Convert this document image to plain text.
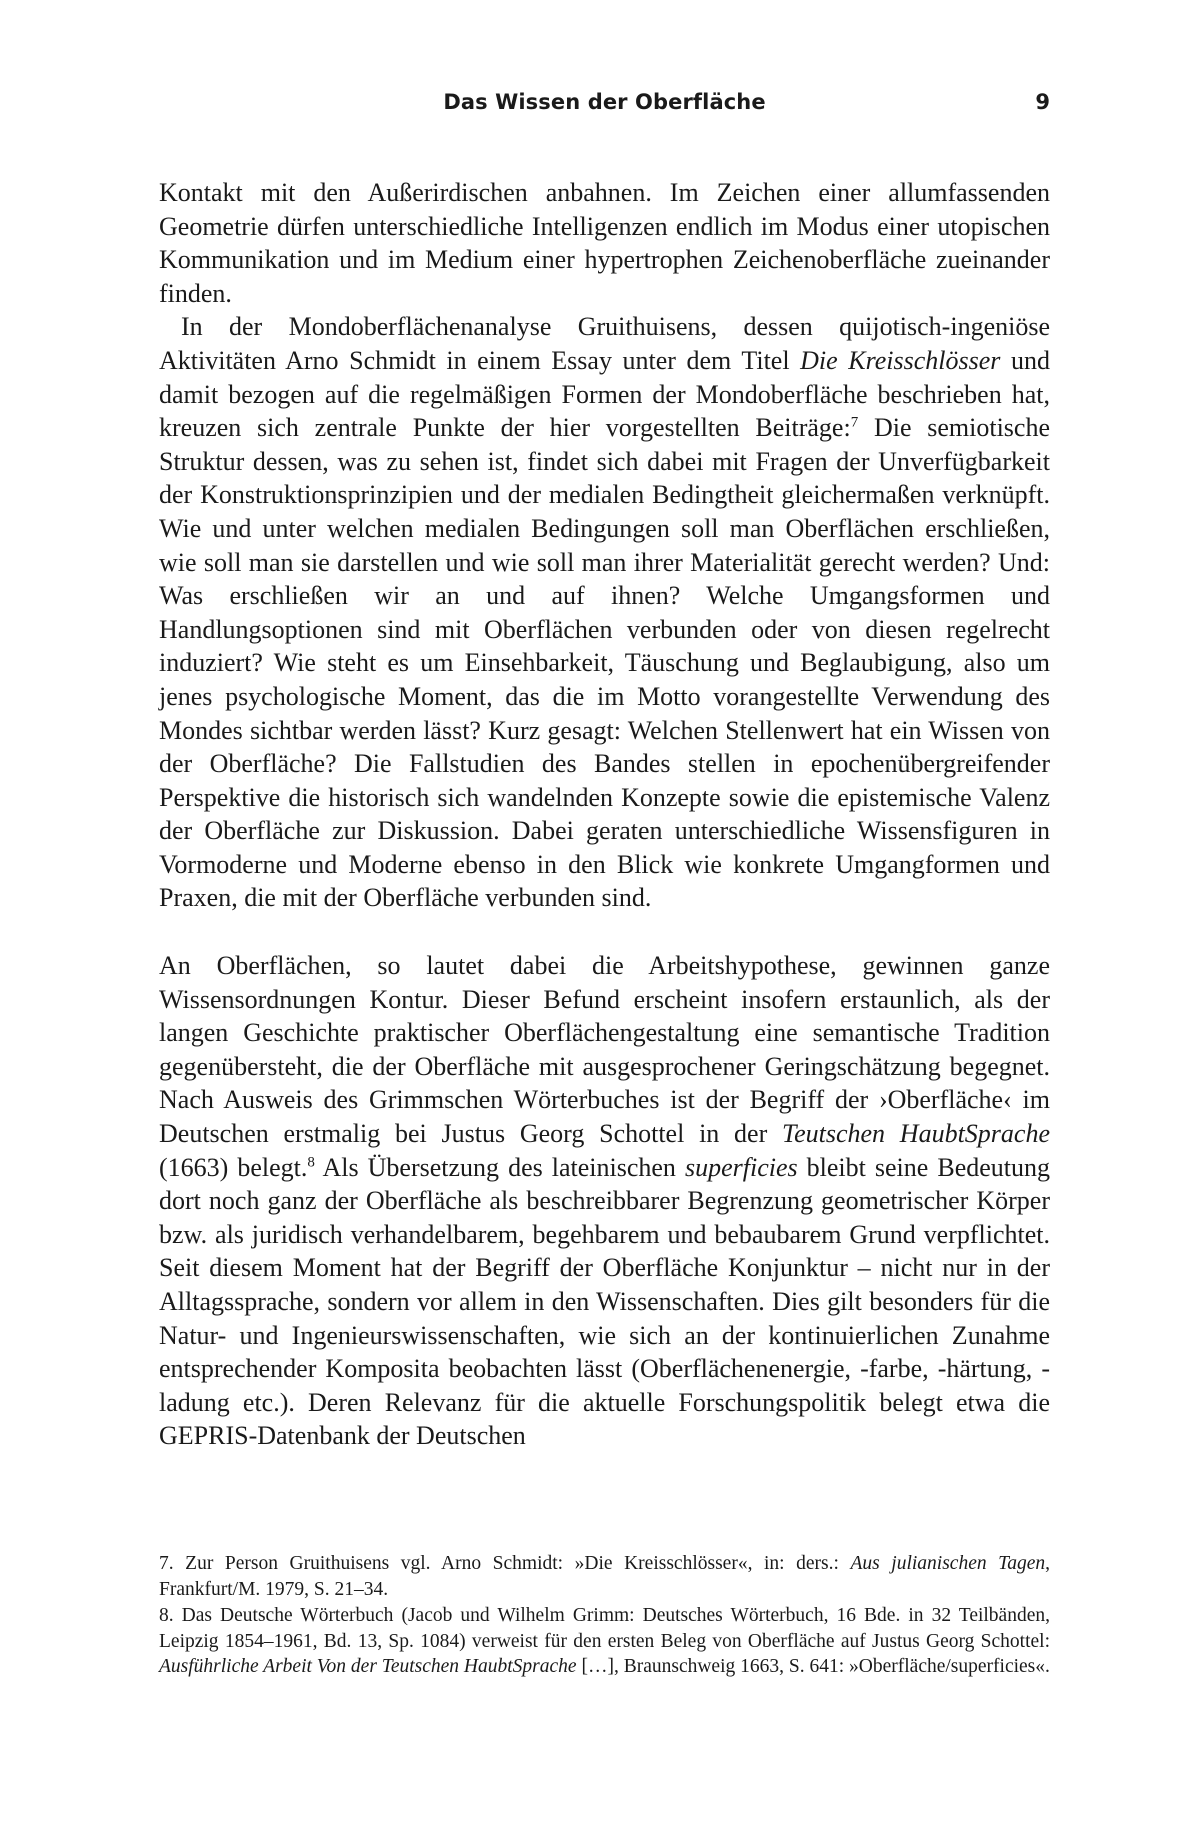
Das Wissen der Oberfläche	9

Kontakt mit den Außerirdischen anbahnen. Im Zeichen einer allumfassenden Geometrie dürfen unterschiedliche Intelligenzen endlich im Modus einer utopischen Kommunikation und im Medium einer hypertrophen Zeichenoberfläche zueinander finden.

In der Mondoberflächenanalyse Gruithuisens, dessen quijotisch-ingeniöse Aktivitäten Arno Schmidt in einem Essay unter dem Titel Die Kreisschlösser und damit bezogen auf die regelmäßigen Formen der Mondoberfläche beschrieben hat, kreuzen sich zentrale Punkte der hier vorgestellten Beiträge:$^7$ Die semiotische Struktur dessen, was zu sehen ist, findet sich dabei mit Fragen der Unverfügbarkeit der Konstruktionsprinzipien und der medialen Bedingtheit gleichermaßen verknüpft. Wie und unter welchen medialen Bedingungen soll man Oberflächen erschließen, wie soll man sie darstellen und wie soll man ihrer Materialität gerecht werden? Und: Was erschließen wir an und auf ihnen? Welche Umgangsformen und Handlungsoptionen sind mit Oberflächen verbunden oder von diesen regelrecht induziert? Wie steht es um Einsehbarkeit, Täuschung und Beglaubigung, also um jenes psychologische Moment, das die im Motto vorangestellte Verwendung des Mondes sichtbar werden lässt? Kurz gesagt: Welchen Stellenwert hat ein Wissen von der Oberfläche? Die Fallstudien des Bandes stellen in epochenübergreifender Perspektive die historisch sich wandelnden Konzepte sowie die epistemische Valenz der Oberfläche zur Diskussion. Dabei geraten unterschiedliche Wissensfiguren in Vormoderne und Moderne ebenso in den Blick wie konkrete Umgangformen und Praxen, die mit der Oberfläche verbunden sind.

An Oberflächen, so lautet dabei die Arbeitshypothese, gewinnen ganze Wissensordnungen Kontur. Dieser Befund erscheint insofern erstaunlich, als der langen Geschichte praktischer Oberflächengestaltung eine semantische Tradition gegenübersteht, die der Oberfläche mit ausgesprochener Geringschätzung begegnet. Nach Ausweis des Grimmschen Wörterbuches ist der Begriff der ›Oberfläche‹ im Deutschen erstmalig bei Justus Georg Schottel in der Teutschen HaubtSprache (1663) belegt.$^8$ Als Übersetzung des lateinischen superficies bleibt seine Bedeutung dort noch ganz der Oberfläche als beschreibbarer Begrenzung geometrischer Körper bzw. als juridisch verhandelbarem, begehbarem und bebaubarem Grund verpflichtet. Seit diesem Moment hat der Begriff der Oberfläche Konjunktur – nicht nur in der Alltagssprache, sondern vor allem in den Wissenschaften. Dies gilt besonders für die Natur- und Ingenieurswissenschaften, wie sich an der kontinuierlichen Zunahme entsprechender Komposita beobachten lässt (Oberflächenenergie, -farbe, -härtung, -ladung etc.). Deren Relevanz für die aktuelle Forschungspolitik belegt etwa die GEPRIS-Datenbank der Deutschen

7. Zur Person Gruithuisens vgl. Arno Schmidt: »Die Kreisschlösser«, in: ders.: Aus julianischen Tagen, Frankfurt/M. 1979, S. 21–34.

8. Das Deutsche Wörterbuch (Jacob und Wilhelm Grimm: Deutsches Wörterbuch, 16 Bde. in 32 Teilbänden, Leipzig 1854–1961, Bd. 13, Sp. 1084) verweist für den ersten Beleg von Oberfläche auf Justus Georg Schottel: Ausführliche Arbeit Von der Teutschen HaubtSprache […], Braunschweig 1663, S. 641: »Oberfläche/superficies«.
